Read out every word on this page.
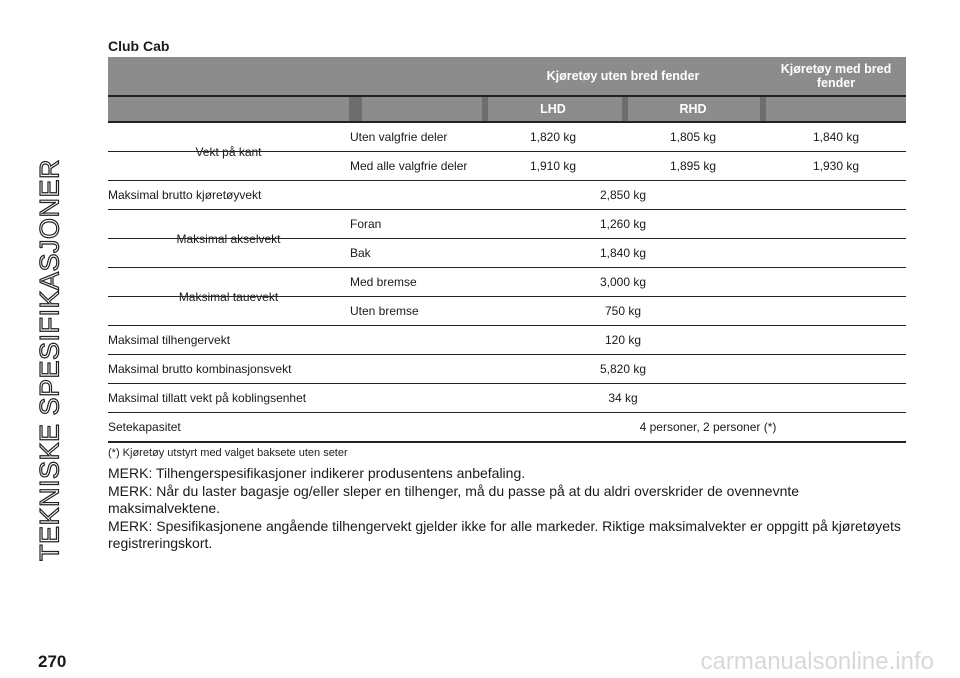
TEKNISKE SPESIFIKASJONER
Club Cab
Kjøretøy uten bred fender	Kjøretøy med bred fender
LHD	RHD
Vekt på kant
Uten valgfrie deler	1,820 kg	1,805 kg	1,840 kg
Med alle valgfrie deler	1,910 kg	1,895 kg	1,930 kg
Maksimal brutto kjøretøyvekt	2,850 kg
Maksimal akselvekt
Foran	1,260 kg
Bak	1,840 kg
Maksimal tauevekt
Med bremse	3,000 kg
Uten bremse	750 kg
Maksimal tilhengervekt	120 kg
Maksimal brutto kombinasjonsvekt	5,820 kg
Maksimal tillatt vekt på koblingsenhet	34 kg
Setekapasitet	4 personer, 2 personer (*)
(*) Kjøretøy utstyrt med valget baksete uten seter

MERK: Tilhengerspesifikasjoner indikerer produsentens anbefaling.

MERK: Når du laster bagasje og/eller sleper en tilhenger, må du passe på at du aldri overskrider de ovennevnte maksimalvektene.

MERK: Spesifikasjonene angående tilhengervekt gjelder ikke for alle markeder. Riktige maksimalvekter er oppgitt på kjøretøyets registreringskort.

270	carmanualsonline.info
